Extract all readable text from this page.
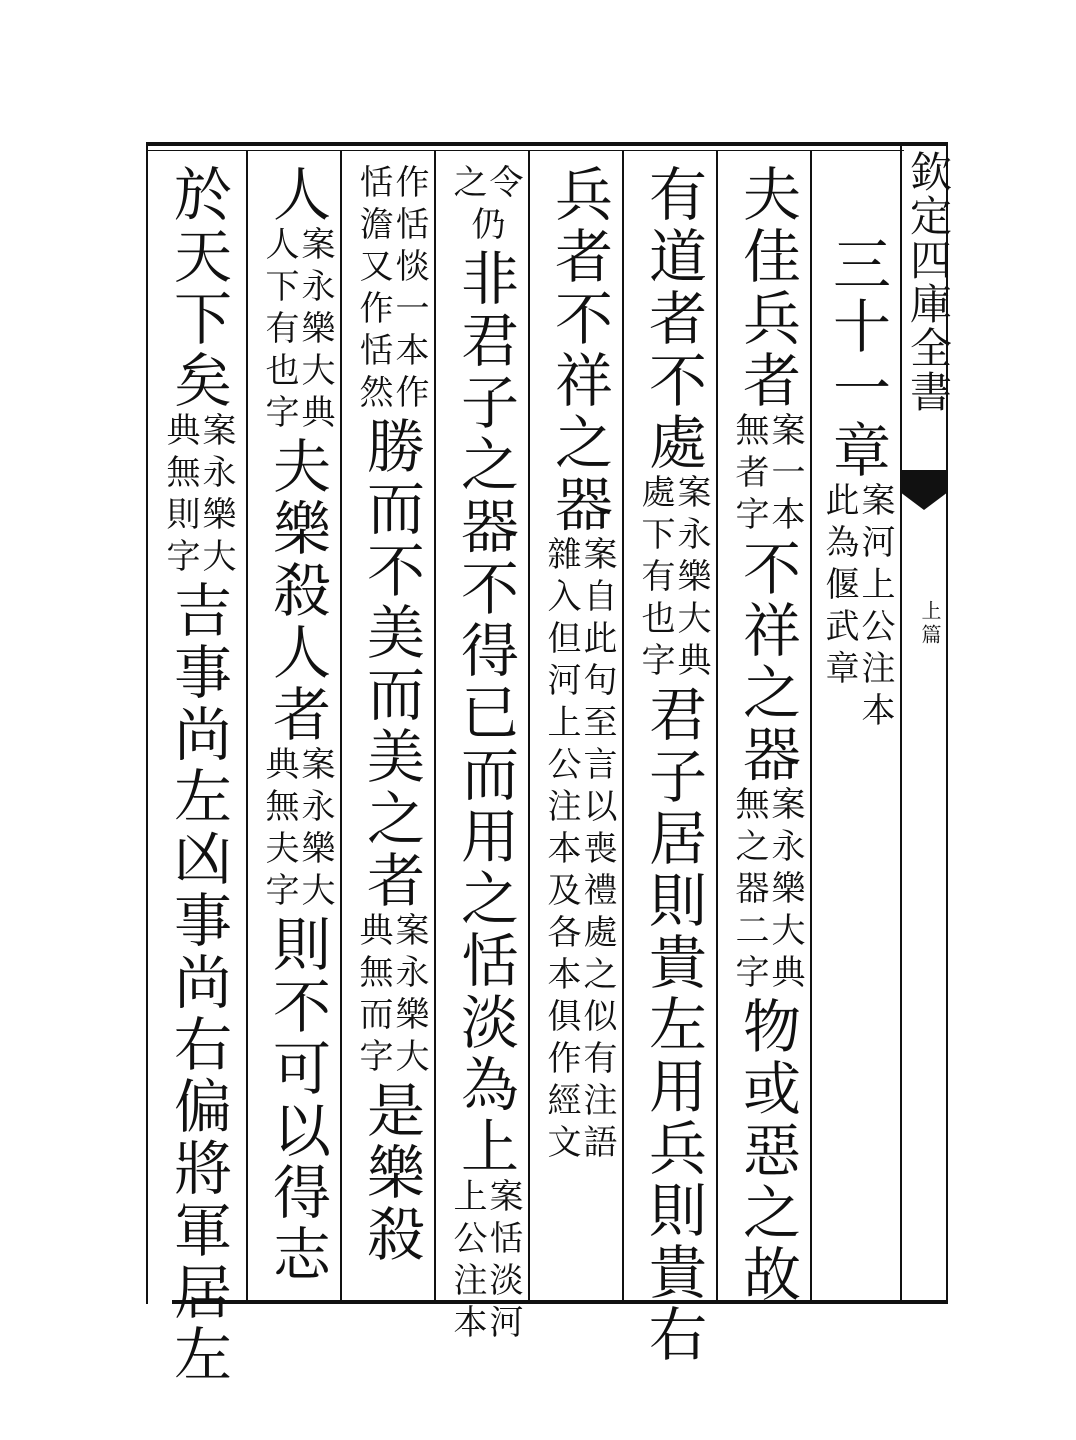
欽定四庫全書
上篇
三十一章
案河上公注本
此為偃武章
夫佳兵者
案一本
無者字
不祥之器
案永樂大典
無之器二字
物或惡之故
有道者不處
案永樂大典
處下有也字
君子居則貴左用兵則貴右
兵者不祥之器
案自此句至言以喪禮處之似有注語
雜入但河上公注本及各本俱作經文
令
之
仍
非君子之器不得已而用之恬淡為上
案恬淡河
上公注本
作恬惔一本作
恬澹又作恬然
勝而不美而美之者
案永樂大
典無而字
是樂殺
人
案永樂大典
人下有也字
夫樂殺人者
案永樂大
典無夫字
則不可以得志
於天下矣
案永樂大
典無則字
吉事尚左凶事尚右偏將軍居左
